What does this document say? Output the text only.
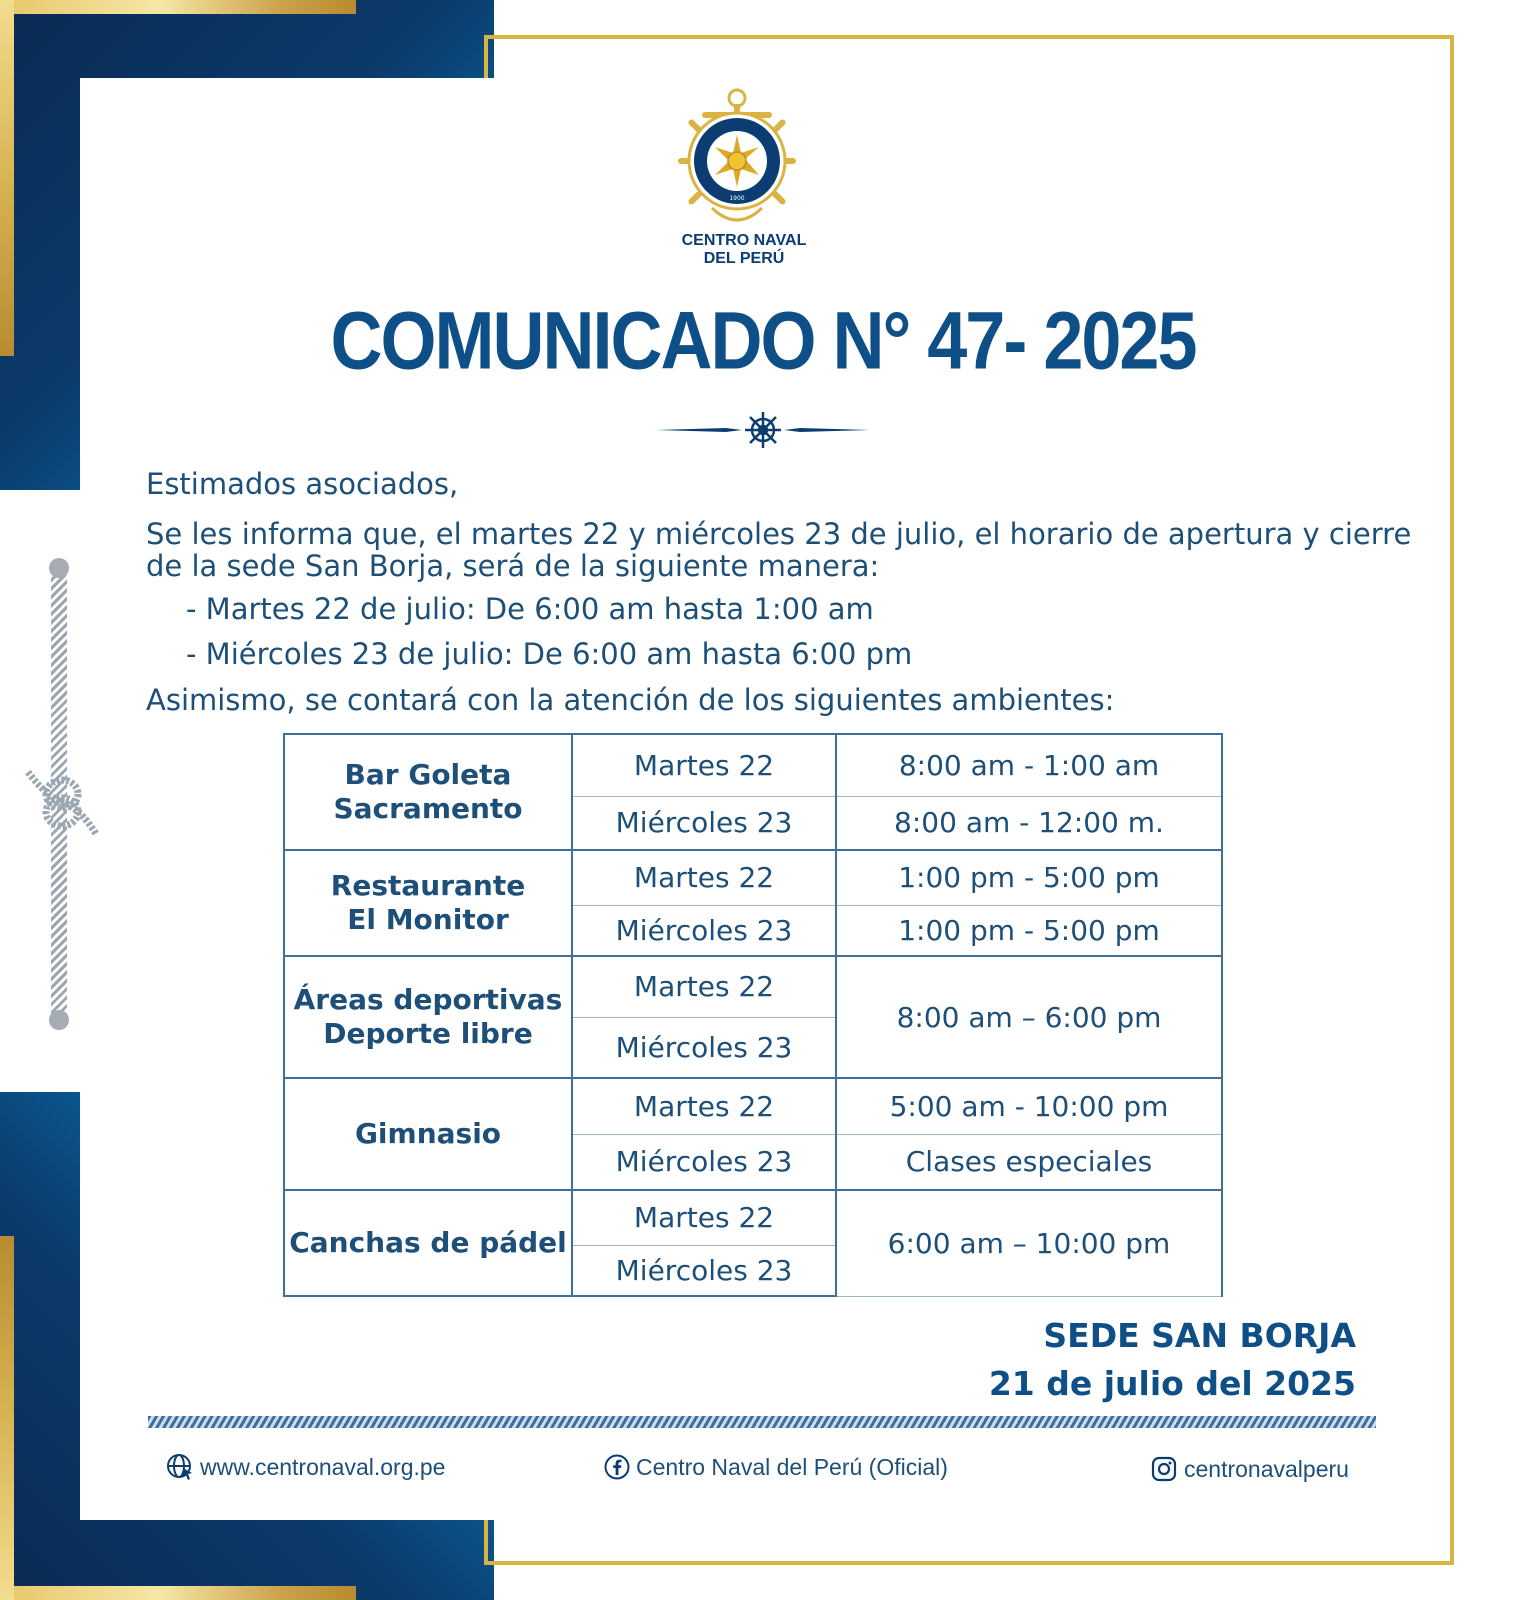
1900
CENTRO NAVAL
DEL PERÚ
COMUNICADO N° 47- 2025
Estimados asociados,
Se les informa que, el martes 22 y miércoles 23 de julio, el horario de apertura y cierre
de la sede San Borja, será de la siguiente manera:
- Martes 22 de julio: De 6:00 am hasta 1:00 am
- Miércoles 23 de julio: De 6:00 am hasta 6:00 pm
Asimismo, se contará con la atención de los siguientes ambientes:
Bar Goleta
Sacramento	Martes 22	8:00 am - 1:00 am
	Miércoles 23	8:00 am - 12:00 m.

Restaurante
El Monitor	Martes 22	1:00 pm - 5:00 pm
	Miércoles 23	1:00 pm - 5:00 pm

Áreas deportivas
Deporte libre	Martes 22	8:00 am – 6:00 pm
	Miércoles 23	
Gimnasio	Martes 22	5:00 am - 10:00 pm
	Miércoles 23	Clases especiales
Canchas de pádel	Martes 22	6:00 am – 10:00 pm
	Miércoles 23	
SEDE SAN BORJA
21 de julio del 2025
www.centronaval.org.pe	Centro Naval del Perú (Oficial)	centronavalperu
